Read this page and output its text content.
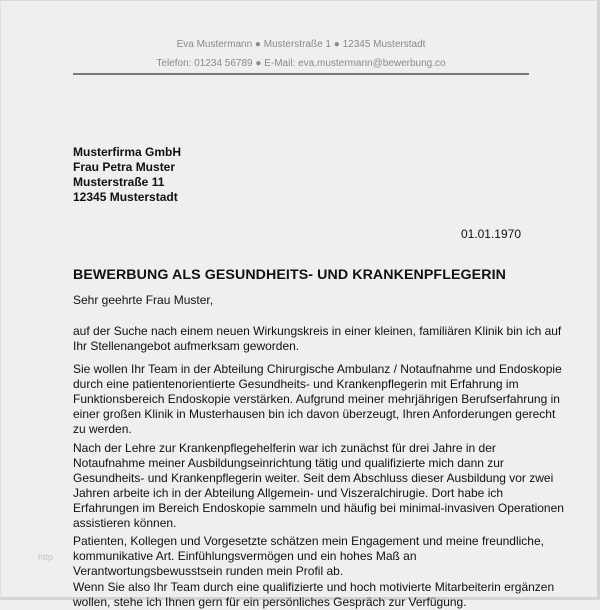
Eva Mustermann ● Musterstraße 1 ● 12345 Musterstadt
Telefon: 01234 56789 ● E-Mail: eva.mustermann@bewerbung.co
Musterfirma GmbH
Frau Petra Muster
Musterstraße 11
12345 Musterstadt
01.01.1970
BEWERBUNG ALS GESUNDHEITS- UND KRANKENPFLEGERIN
Sehr geehrte Frau Muster,
auf der Suche nach einem neuen Wirkungskreis in einer kleinen, familiären Klinik bin ich auf
Ihr Stellenangebot aufmerksam geworden.
Sie wollen Ihr Team in der Abteilung Chirurgische Ambulanz / Notaufnahme und Endoskopie
durch eine patientenorientierte Gesundheits- und Krankenpflegerin mit Erfahrung im
Funktionsbereich Endoskopie verstärken. Aufgrund meiner mehrjährigen Berufserfahrung in
einer großen Klinik in Musterhausen bin ich davon überzeugt, Ihren Anforderungen gerecht
zu werden.
Nach der Lehre zur Krankenpflegehelferin war ich zunächst für drei Jahre in der
Notaufnahme meiner Ausbildungseinrichtung tätig und qualifizierte mich dann zur
Gesundheits- und Krankenpflegerin weiter. Seit dem Abschluss dieser Ausbildung vor zwei
Jahren arbeite ich in der Abteilung Allgemein- und Viszeralchirugie. Dort habe ich
Erfahrungen im Bereich Endoskopie sammeln und häufig bei minimal-invasiven Operationen
assistieren können.
Patienten, Kollegen und Vorgesetzte schätzen mein Engagement und meine freundliche,
kommunikative Art. Einfühlungsvermögen und ein hohes Maß an
Verantwortungsbewusstsein runden mein Profil ab.
Wenn Sie also Ihr Team durch eine qualifizierte und hoch motivierte Mitarbeiterin ergänzen
wollen, stehe ich Ihnen gern für ein persönliches Gespräch zur Verfügung.
http
